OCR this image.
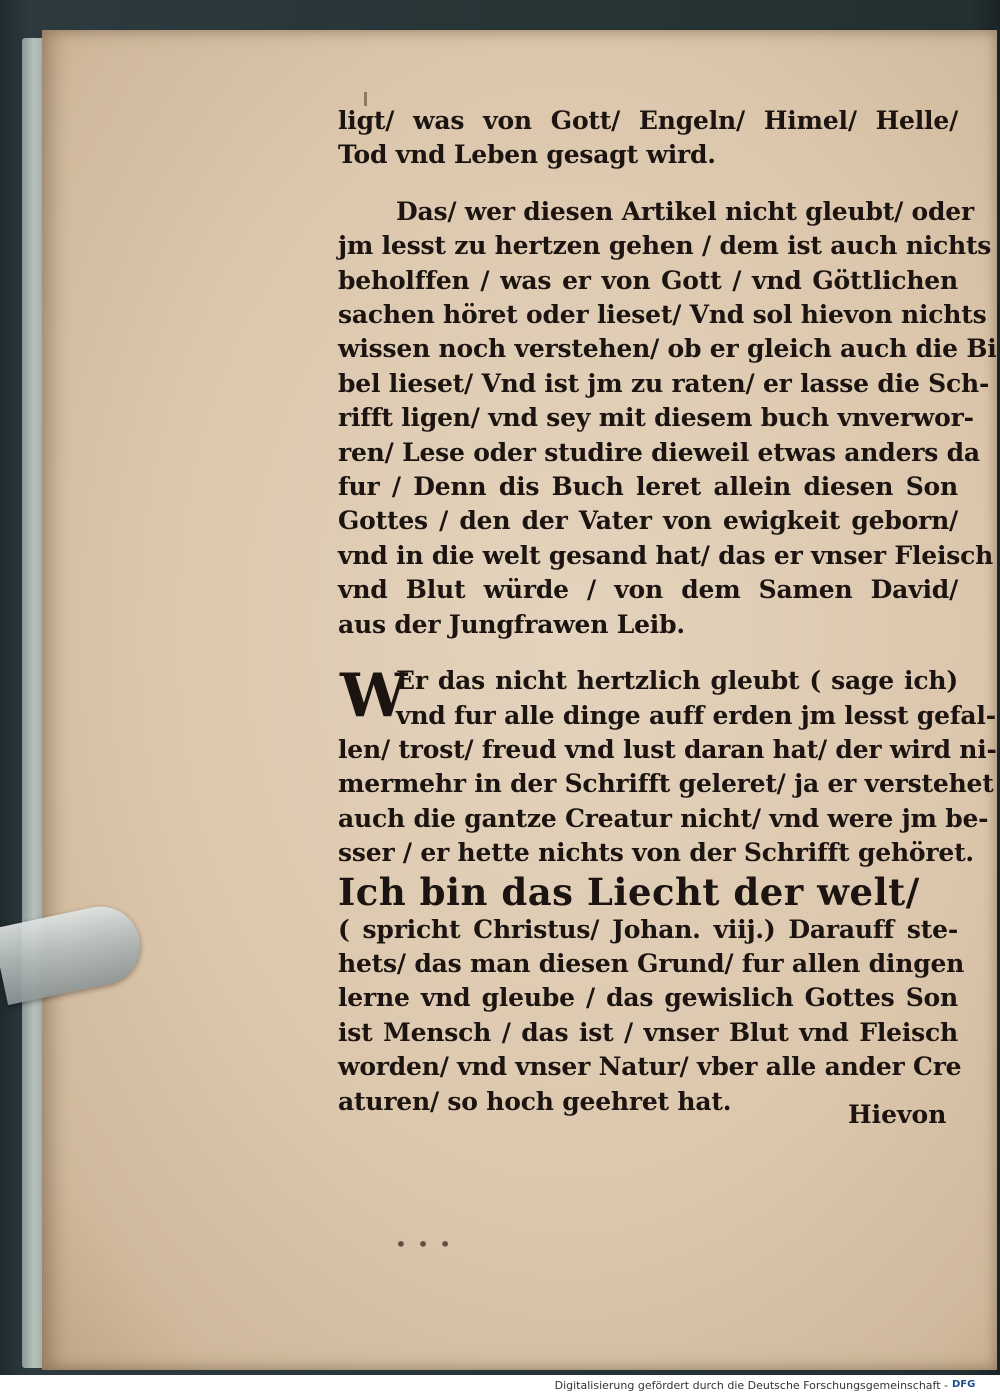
ligt/ was von Gott/ Engeln/ Himel/ Helle/
Tod vnd Leben gesagt wird.
Das/ wer diesen Artikel nicht gleubt/ oder
jm lesst zu hertzen gehen / dem ist auch nichts
beholffen / was er von Gott / vnd Göttlichen
sachen höret oder lieset/ Vnd sol hievon nichts
wissen noch verstehen/ ob er gleich auch die Bi
bel lieset/ Vnd ist jm zu raten/ er lasse die Sch-
rifft ligen/ vnd sey mit diesem buch vnverwor-
ren/ Lese oder studire dieweil etwas anders da
fur / Denn dis Buch leret allein diesen Son
Gottes / den der Vater von ewigkeit geborn/
vnd in die welt gesand hat/ das er vnser Fleisch
vnd Blut würde / von dem Samen David/
aus der Jungfrawen Leib.
W
Er das nicht hertzlich gleubt ( sage ich)
vnd fur alle dinge auff erden jm lesst gefal-
len/ trost/ freud vnd lust daran hat/ der wird ni-
mermehr in der Schrifft geleret/ ja er verstehet
auch die gantze Creatur nicht/ vnd were jm be-
sser / er hette nichts von der Schrifft gehöret.
Ich bin das Liecht der welt/
( spricht Christus/ Johan. viij.) Darauff ste-
hets/ das man diesen Grund/ fur allen dingen
lerne vnd gleube / das gewislich Gottes Son
ist Mensch / das ist / vnser Blut vnd Fleisch
worden/ vnd vnser Natur/ vber alle ander Cre
aturen/ so hoch geehret hat.	Hievon
• • •
Digitalisierung gefördert durch die Deutsche Forschungsgemeinschaft - DFG
